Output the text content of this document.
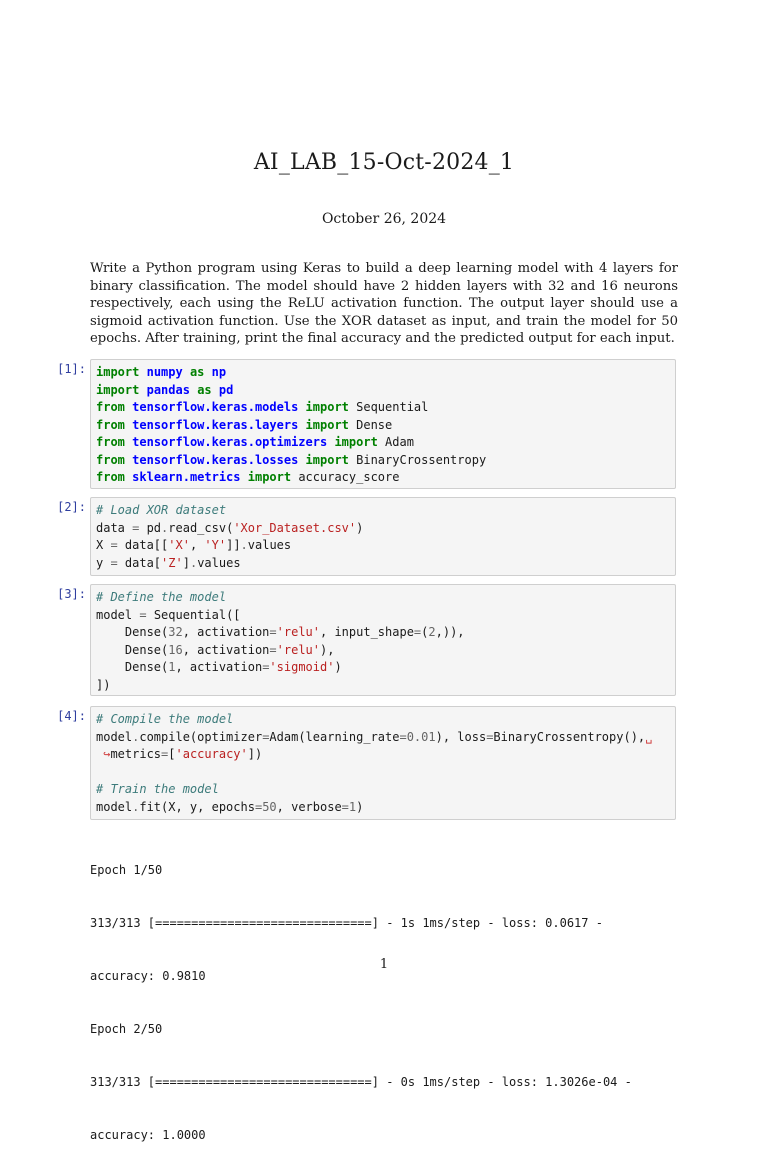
AI_LAB_15-Oct-2024_1
October 26, 2024
Write a Python program using Keras to build a deep learning model with 4 layers for binary classification. The model should have 2 hidden layers with 32 and 16 neurons respectively, each using the ReLU activation function. The output layer should use a sigmoid activation function. Use the XOR dataset as input, and train the model for 50 epochs. After training, print the final accuracy and the predicted output for each input.
[1]: import numpy as np
import pandas as pd
from tensorflow.keras.models import Sequential
from tensorflow.keras.layers import Dense
from tensorflow.keras.optimizers import Adam
from tensorflow.keras.losses import BinaryCrossentropy
from sklearn.metrics import accuracy_score
[2]: # Load XOR dataset
data = pd.read_csv('Xor_Dataset.csv')
X = data[['X', 'Y']].values
y = data['Z'].values
[3]: # Define the model
model = Sequential([
Dense(32, activation='relu', input_shape=(2,)),
Dense(16, activation='relu'),
Dense(1, activation='sigmoid')
])
[4]: # Compile the model
model.compile(optimizer=Adam(learning_rate=0.01), loss=BinaryCrossentropy(),␣
↪metrics=['accuracy'])
# Train the model
model.fit(X, y, epochs=50, verbose=1)

Epoch 1/50

313/313 [==============================] - 1s 1ms/step - loss: 0.0617 -

accuracy: 0.9810

Epoch 2/50

313/313 [==============================] - 0s 1ms/step - loss: 1.3026e-04 -

accuracy: 1.0000

1
